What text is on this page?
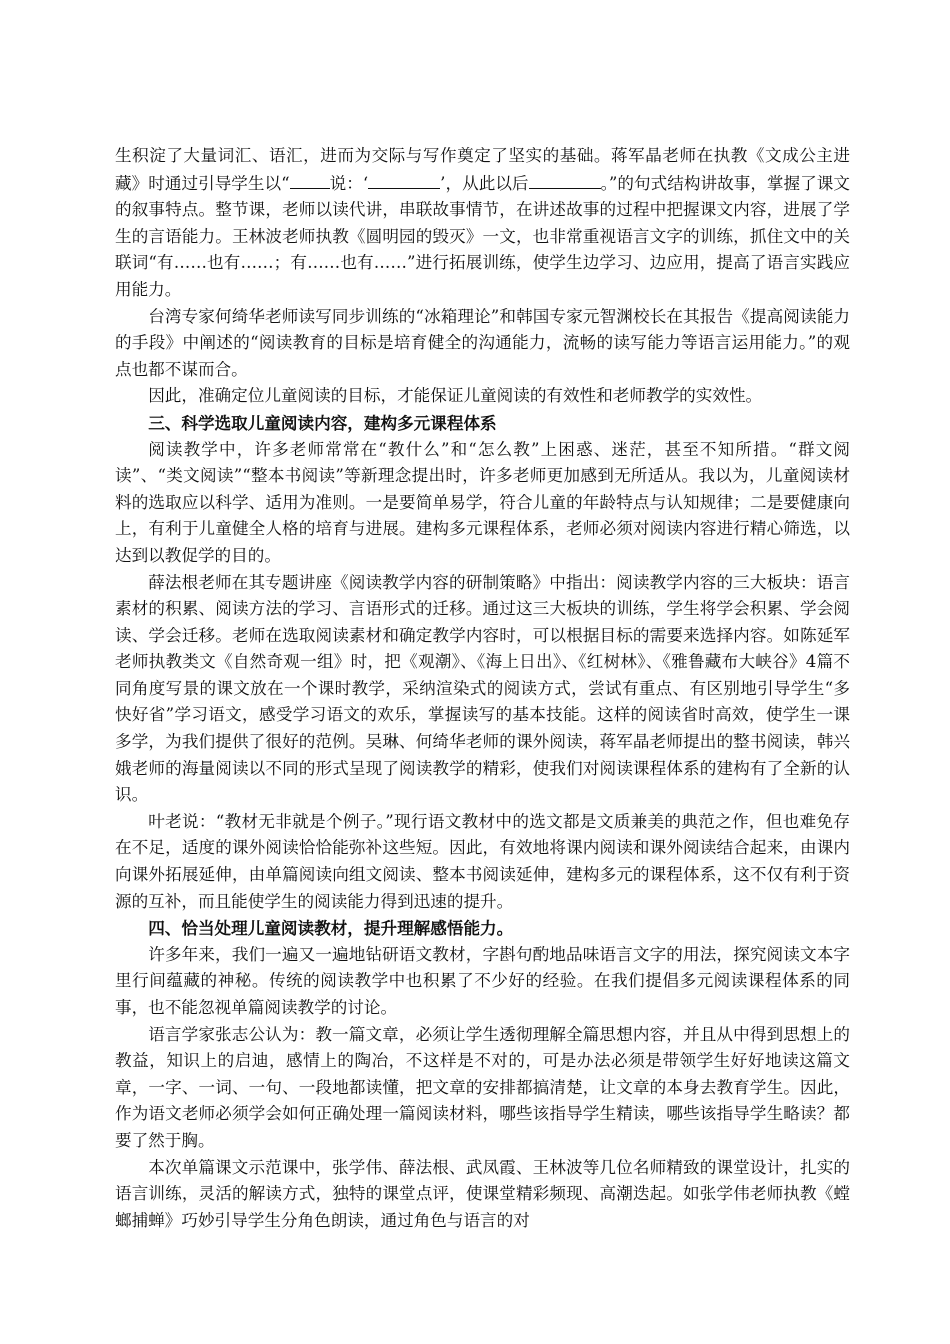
生积淀了大量词汇、语汇，进而为交际与写作奠定了坚实的基础。蒋军晶老师在执教《文成公主进藏》时通过引导学生以“ 说：‘	’，从此以后	。”的句式结构讲故事，掌握了课文的叙事特点。整节课，老师以读代讲，串联故事情节，在讲述故事的过程中把握课文内容，进展了学生的言语能力。王林波老师执教《圆明园的毁灭》一文，也非常重视语言文字的训练，抓住文中的关联词“有……也有……；有……也有……”进行拓展训练，使学生边学习、边应用，提高了语言实践应用能力。

台湾专家何绮华老师读写同步训练的“冰箱理论”和韩国专家元智渊校长在其报告《提高阅读能力的手段》中阐述的“阅读教育的目标是培育健全的沟通能力，流畅的读写能力等语言运用能力。”的观点也都不谋而合。

因此，准确定位儿童阅读的目标，才能保证儿童阅读的有效性和老师教学的实效性。

三、科学选取儿童阅读内容，建构多元课程体系

阅读教学中，许多老师常常在“教什么”和“怎么教”上困惑、迷茫，甚至不知所措。“群文阅读”、“类文阅读”“整本书阅读”等新理念提出时，许多老师更加感到无所适从。我以为，儿童阅读材料的选取应以科学、适用为准则。一是要简单易学，符合儿童的年龄特点与认知规律；二是要健康向上，有利于儿童健全人格的培育与进展。建构多元课程体系，老师必须对阅读内容进行精心筛选，以达到以教促学的目的。

薛法根老师在其专题讲座《阅读教学内容的研制策略》中指出：阅读教学内容的三大板块：语言素材的积累、阅读方法的学习、言语形式的迁移。通过这三大板块的训练，学生将学会积累、学会阅读、学会迁移。老师在选取阅读素材和确定教学内容时，可以根据目标的需要来选择内容。如陈延军老师执教类文《自然奇观一组》时，把《观潮》、《海上日出》、《红树林》、《雅鲁藏布大峡谷》4篇不同角度写景的课文放在一个课时教学，采纳渲染式的阅读方式，尝试有重点、有区别地引导学生“多快好省”学习语文，感受学习语文的欢乐，掌握读写的基本技能。这样的阅读省时高效，使学生一课多学，为我们提供了很好的范例。吴琳、何绮华老师的课外阅读，蒋军晶老师提出的整书阅读，韩兴娥老师的海量阅读以不同的形式呈现了阅读教学的精彩，使我们对阅读课程体系的建构有了全新的认识。

叶老说：“教材无非就是个例子。”现行语文教材中的选文都是文质兼美的典范之作，但也难免存在不足，适度的课外阅读恰恰能弥补这些短。因此，有效地将课内阅读和课外阅读结合起来，由课内向课外拓展延伸，由单篇阅读向组文阅读、整本书阅读延伸，建构多元的课程体系，这不仅有利于资源的互补，而且能使学生的阅读能力得到迅速的提升。

四、恰当处理儿童阅读教材，提升理解感悟能力。

许多年来，我们一遍又一遍地钻研语文教材，字斟句酌地品味语言文字的用法，探究阅读文本字里行间蕴藏的神秘。传统的阅读教学中也积累了不少好的经验。在我们提倡多元阅读课程体系的同事，也不能忽视单篇阅读教学的讨论。

语言学家张志公认为：教一篇文章，必须让学生透彻理解全篇思想内容，并且从中得到思想上的教益，知识上的启迪，感情上的陶冶，不这样是不对的，可是办法必须是带领学生好好地读这篇文章，一字、一词、一句、一段地都读懂，把文章的安排都搞清楚，让文章的本身去教育学生。因此，作为语文老师必须学会如何正确处理一篇阅读材料，哪些该指导学生精读，哪些该指导学生略读？都要了然于胸。

本次单篇课文示范课中，张学伟、薛法根、武凤霞、王林波等几位名师精致的课堂设计，扎实的语言训练，灵活的解读方式，独特的课堂点评，使课堂精彩频现、高潮迭起。如张学伟老师执教《螳螂捕蝉》巧妙引导学生分角色朗读，通过角色与语言的对
